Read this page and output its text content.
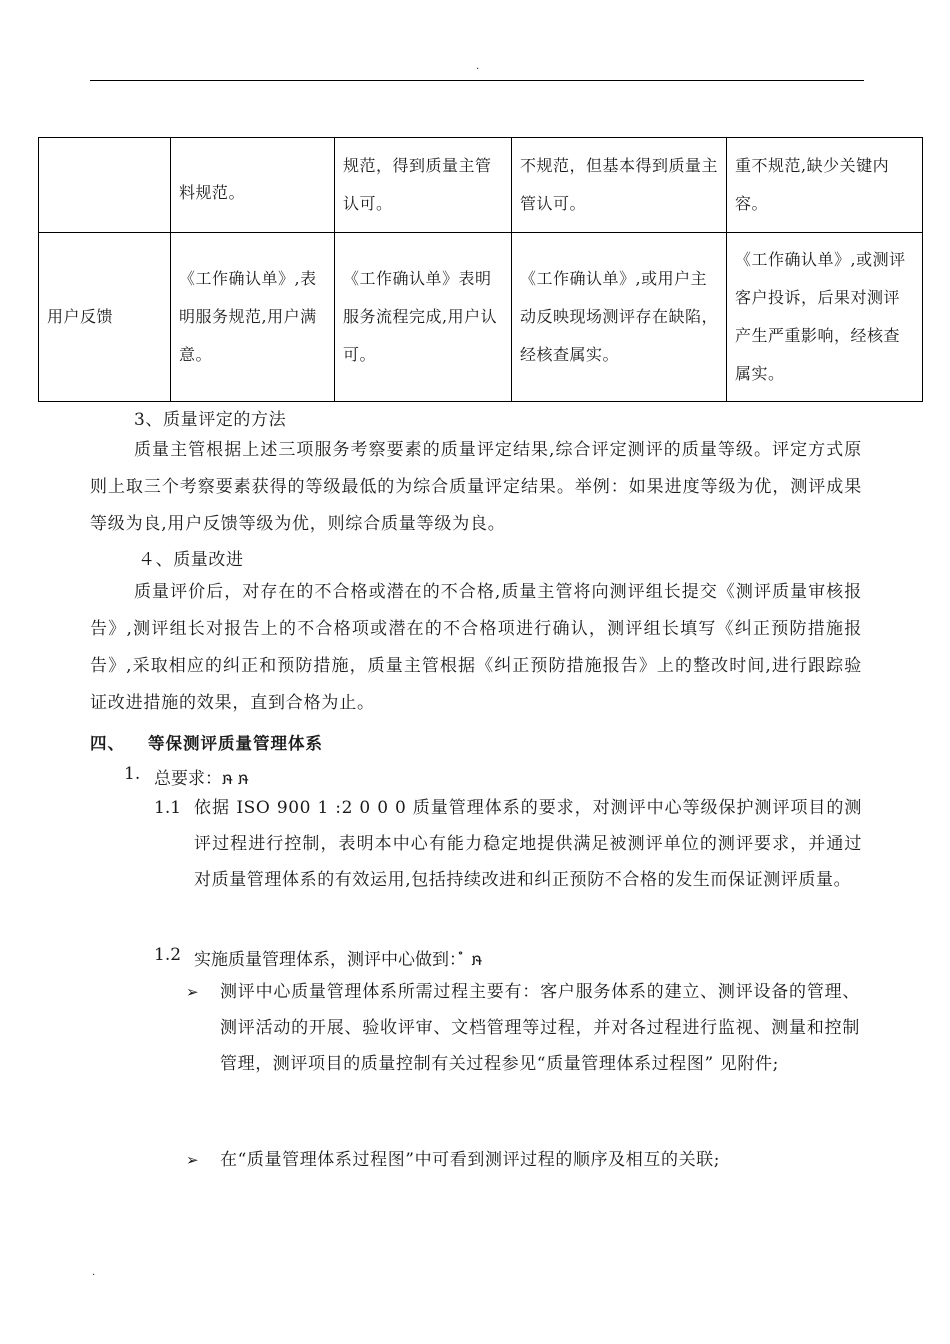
.

	料规范。	规范，得到质量主管认可。	不规范，但基本得到质量主管认可。	重不规范,缺少关键内容。

用户反馈	《工作确认单》,表明服务规范,用户满意。	《工作确认单》表明服务流程完成,用户认可。	《工作确认单》,或用户主动反映现场测评存在缺陷，经核查属实。	《工作确认单》,或测评客户投诉，后果对测评产生严重影响，经核查属实。
3、质量评定的方法
质量主管根据上述三项服务考察要素的质量评定结果,综合评定测评的质量等级。评定方式原则上取三个考察要素获得的等级最低的为综合质量评定结果。举例：如果进度等级为优，测评成果等级为良,用户反馈等级为优，则综合质量等级为良。
４、质量改进
质量评价后，对存在的不合格或潜在的不合格,质量主管将向测评组长提交《测评质量审核报告》,测评组长对报告上的不合格项或潜在的不合格项进行确认，测评组长填写《纠正预防措施报告》,采取相应的纠正和预防措施，质量主管根据《纠正预防措施报告》上的整改时间,进行跟踪验证改进措施的效果，直到合格为止。
四、 等保测评质量管理体系
1. 总要求：ໞ ໞ
1.1 依据 ISO 900 1 :2 0 0 0 质量管理体系的要求，对测评中心等级保护测评项目的测评过程进行控制，表明本中心有能力稳定地提供满足被测评单位的测评要求，并通过对质量管理体系的有效运用,包括持续改进和纠正预防不合格的发生而保证测评质量。
1.2 实施质量管理体系，测评中心做到：ໍ ໞ
➢ 测评中心质量管理体系所需过程主要有：客户服务体系的建立、测评设备的管理、测评活动的开展、验收评审、文档管理等过程，并对各过程进行监视、测量和控制管理，测评项目的质量控制有关过程参见“质量管理体系过程图” 见附件;
➢ 在“质量管理体系过程图”中可看到测评过程的顺序及相互的关联;
.
